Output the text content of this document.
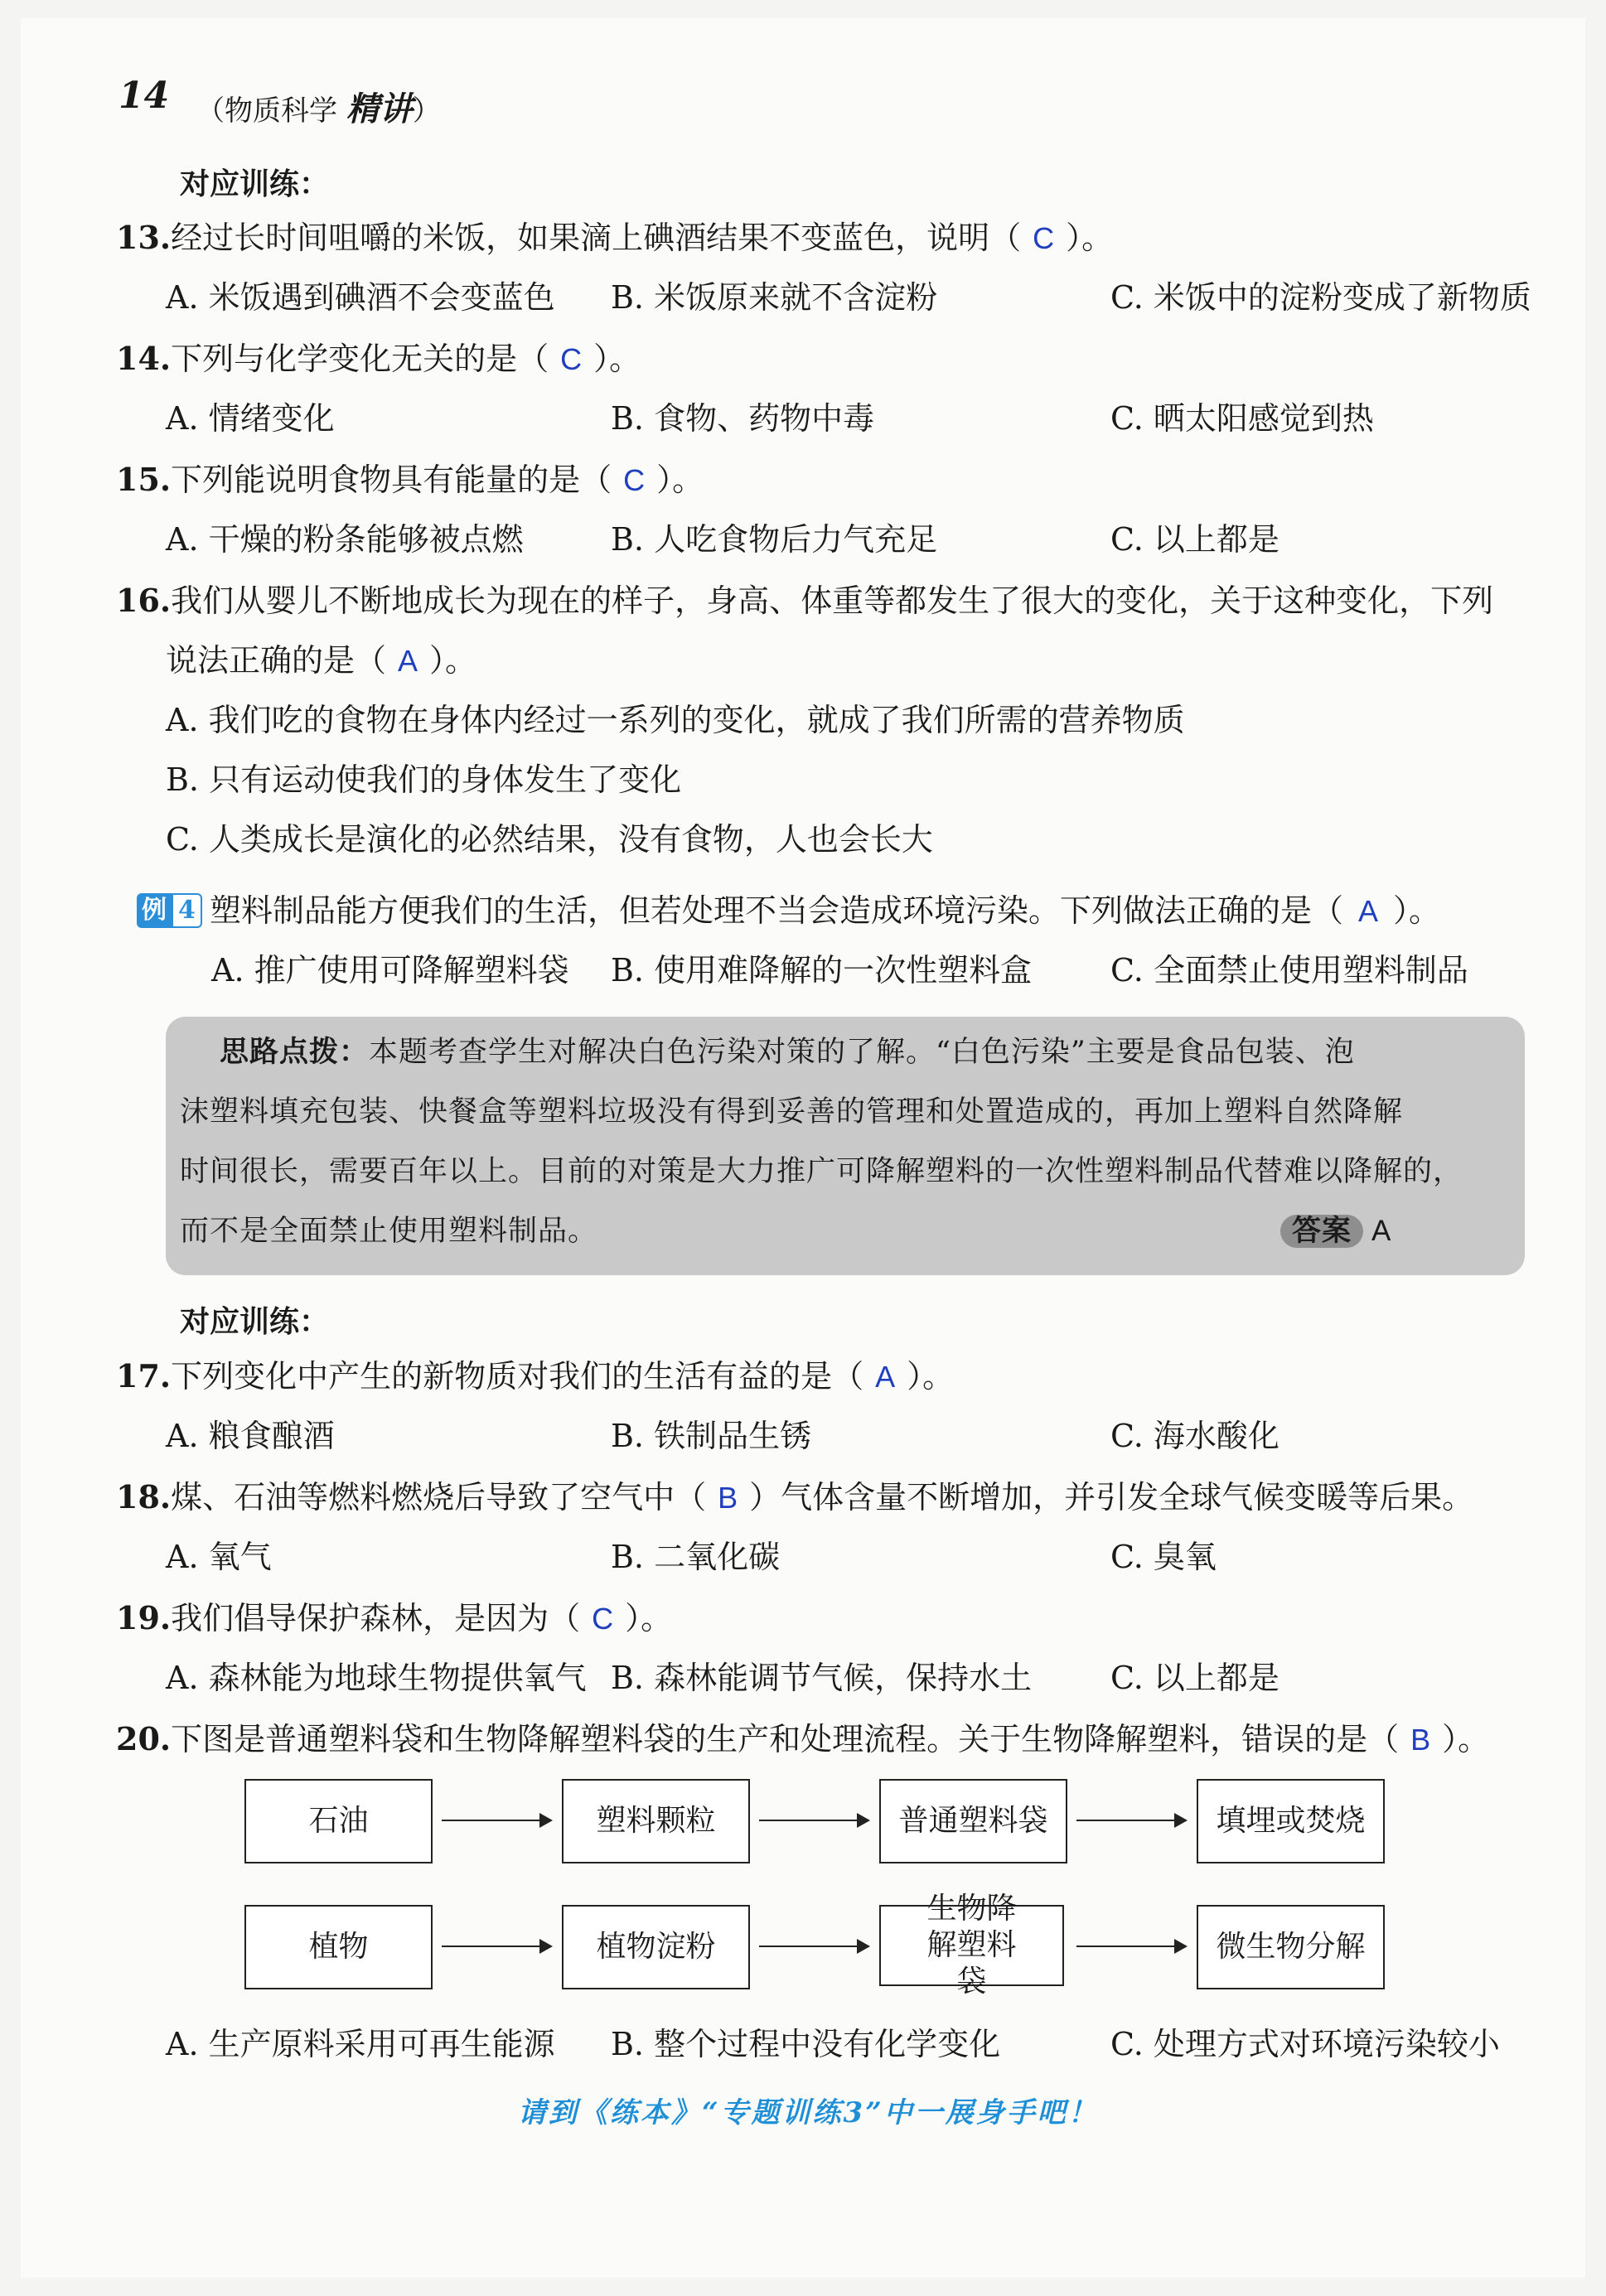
14 （物质科学 精讲）
对应训练：
13.经过长时间咀嚼的米饭，如果滴上碘酒结果不变蓝色，说明（ C ）。
A. 米饭遇到碘酒不会变蓝色 B. 米饭原来就不含淀粉	C. 米饭中的淀粉变成了新物质
14.下列与化学变化无关的是（ C ）。
A. 情绪变化	B. 食物、药物中毒	C. 晒太阳感觉到热
15.下列能说明食物具有能量的是（ C ）。
A. 干燥的粉条能够被点燃	B. 人吃食物后力气充足	C. 以上都是
16.我们从婴儿不断地成长为现在的样子，身高、体重等都发生了很大的变化，关于这种变化，下列
说法正确的是（ A ）。
A. 我们吃的食物在身体内经过一系列的变化，就成了我们所需的营养物质
B. 只有运动使我们的身体发生了变化
C. 人类成长是演化的必然结果，没有食物，人也会长大
例 4 塑料制品能方便我们的生活，但若处理不当会造成环境污染。下列做法正确的是（ A ）。
A. 推广使用可降解塑料袋 B. 使用难降解的一次性塑料盒 C. 全面禁止使用塑料制品
思路点拨：本题考查学生对解决白色污染对策的了解。“白色污染”主要是食品包装、泡
沫塑料填充包装、快餐盒等塑料垃圾没有得到妥善的管理和处置造成的，再加上塑料自然降解
时间很长，需要百年以上。目前的对策是大力推广可降解塑料的一次性塑料制品代替难以降解的，
而不是全面禁止使用塑料制品。	答案 A
对应训练：
17.下列变化中产生的新物质对我们的生活有益的是（ A ）。
A. 粮食酿酒	B. 铁制品生锈	C. 海水酸化
18.煤、石油等燃料燃烧后导致了空气中（ B ）气体含量不断增加，并引发全球气候变暖等后果。
A. 氧气	B. 二氧化碳	C. 臭氧
19.我们倡导保护森林，是因为（ C ）。
A. 森林能为地球生物提供氧气 B. 森林能调节气候，保持水土 C. 以上都是
20.下图是普通塑料袋和生物降解塑料袋的生产和处理流程。关于生物降解塑料，错误的是（ B ）。
石油	塑料颗粒	普通塑料袋	填埋或焚烧
植物	植物淀粉
生物降解塑料袋
微生物分解
A. 生产原料采用可再生能源 B. 整个过程中没有化学变化	C. 处理方式对环境污染较小
请到《练本》“专题训练3”中一展身手吧！
